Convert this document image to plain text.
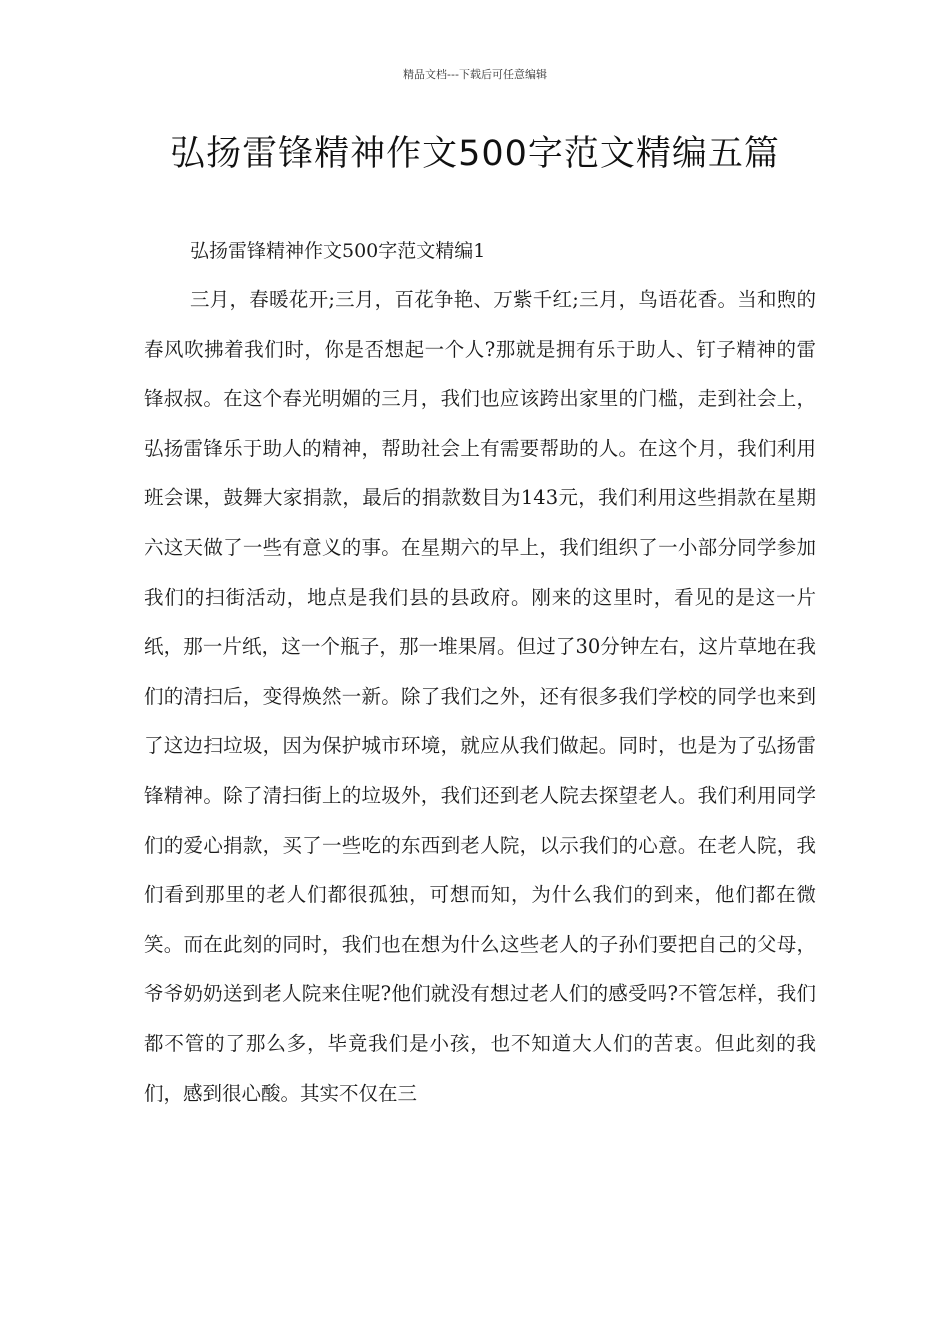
精品文档---下载后可任意编辑
弘扬雷锋精神作文500字范文精编五篇
弘扬雷锋精神作文500字范文精编1

三月，春暖花开;三月，百花争艳、万紫千红;三月，鸟语花香。当和煦的春风吹拂着我们时，你是否想起一个人?那就是拥有乐于助人、钉子精神的雷锋叔叔。在这个春光明媚的三月，我们也应该跨出家里的门槛，走到社会上，弘扬雷锋乐于助人的精神，帮助社会上有需要帮助的人。在这个月，我们利用班会课，鼓舞大家捐款，最后的捐款数目为143元，我们利用这些捐款在星期六这天做了一些有意义的事。在星期六的早上，我们组织了一小部分同学参加我们的扫街活动，地点是我们县的县政府。刚来的这里时，看见的是这一片纸，那一片纸，这一个瓶子，那一堆果屑。但过了30分钟左右，这片草地在我们的清扫后，变得焕然一新。除了我们之外，还有很多我们学校的同学也来到了这边扫垃圾，因为保护城市环境，就应从我们做起。同时，也是为了弘扬雷锋精神。除了清扫街上的垃圾外，我们还到老人院去探望老人。我们利用同学们的爱心捐款，买了一些吃的东西到老人院，以示我们的心意。在老人院，我们看到那里的老人们都很孤独，可想而知，为什么我们的到来，他们都在微笑。而在此刻的同时，我们也在想为什么这些老人的子孙们要把自己的父母，爷爷奶奶送到老人院来住呢?他们就没有想过老人们的感受吗?不管怎样，我们都不管的了那么多，毕竟我们是小孩，也不知道大人们的苦衷。但此刻的我们，感到很心酸。其实不仅在三
